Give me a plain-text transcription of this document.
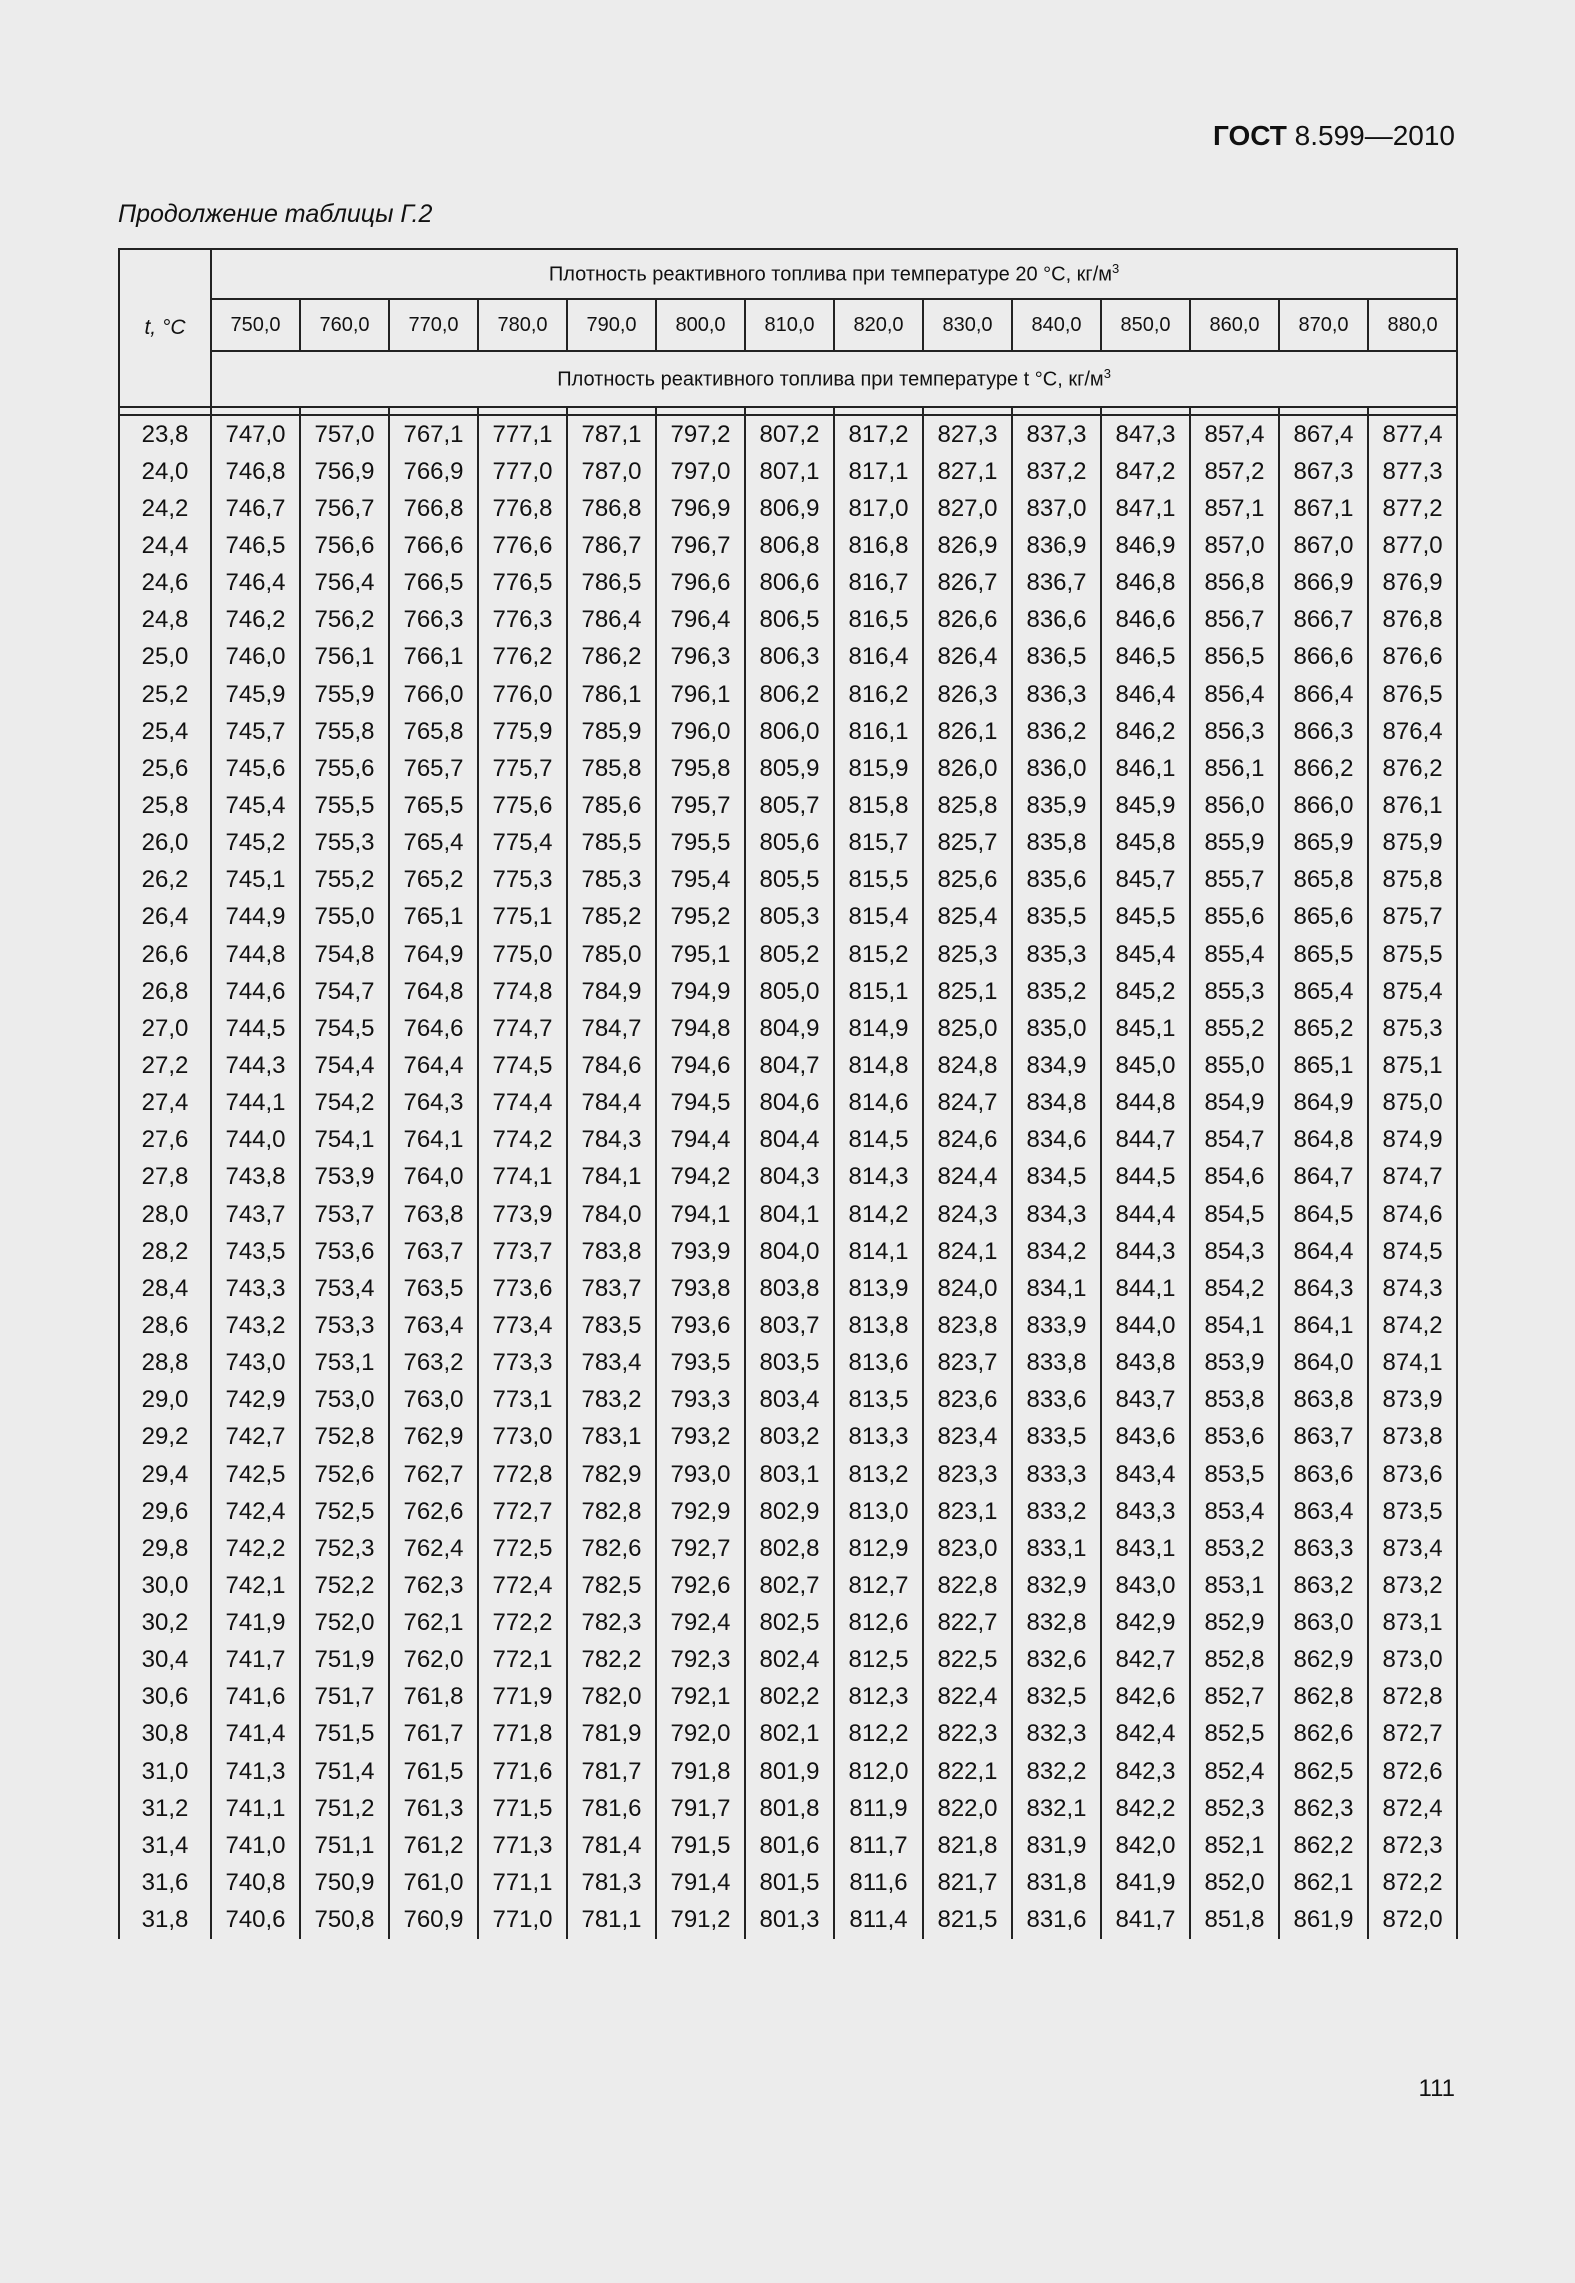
ГОСТ 8.599—2010
Продолжение таблицы Г.2
t, °С	Плотность реактивного топлива при температуре 20 °С, $кг/м^3$
	750,0	760,0	770,0	780,0	790,0	800,0	810,0	820,0	830,0	840,0	850,0	860,0	870,0	880,0
	Плотность реактивного топлива при температуре t °С, $кг/м^3$

23,8	747,0	757,0	767,1	777,1	787,1	797,2	807,2	817,2	827,3	837,3	847,3	857,4	867,4	877,4
24,0	746,8	756,9	766,9	777,0	787,0	797,0	807,1	817,1	827,1	837,2	847,2	857,2	867,3	877,3
24,2	746,7	756,7	766,8	776,8	786,8	796,9	806,9	817,0	827,0	837,0	847,1	857,1	867,1	877,2
24,4	746,5	756,6	766,6	776,6	786,7	796,7	806,8	816,8	826,9	836,9	846,9	857,0	867,0	877,0
24,6	746,4	756,4	766,5	776,5	786,5	796,6	806,6	816,7	826,7	836,7	846,8	856,8	866,9	876,9
24,8	746,2	756,2	766,3	776,3	786,4	796,4	806,5	816,5	826,6	836,6	846,6	856,7	866,7	876,8
25,0	746,0	756,1	766,1	776,2	786,2	796,3	806,3	816,4	826,4	836,5	846,5	856,5	866,6	876,6
25,2	745,9	755,9	766,0	776,0	786,1	796,1	806,2	816,2	826,3	836,3	846,4	856,4	866,4	876,5
25,4	745,7	755,8	765,8	775,9	785,9	796,0	806,0	816,1	826,1	836,2	846,2	856,3	866,3	876,4
25,6	745,6	755,6	765,7	775,7	785,8	795,8	805,9	815,9	826,0	836,0	846,1	856,1	866,2	876,2
25,8	745,4	755,5	765,5	775,6	785,6	795,7	805,7	815,8	825,8	835,9	845,9	856,0	866,0	876,1
26,0	745,2	755,3	765,4	775,4	785,5	795,5	805,6	815,7	825,7	835,8	845,8	855,9	865,9	875,9
26,2	745,1	755,2	765,2	775,3	785,3	795,4	805,5	815,5	825,6	835,6	845,7	855,7	865,8	875,8
26,4	744,9	755,0	765,1	775,1	785,2	795,2	805,3	815,4	825,4	835,5	845,5	855,6	865,6	875,7
26,6	744,8	754,8	764,9	775,0	785,0	795,1	805,2	815,2	825,3	835,3	845,4	855,4	865,5	875,5
26,8	744,6	754,7	764,8	774,8	784,9	794,9	805,0	815,1	825,1	835,2	845,2	855,3	865,4	875,4
27,0	744,5	754,5	764,6	774,7	784,7	794,8	804,9	814,9	825,0	835,0	845,1	855,2	865,2	875,3
27,2	744,3	754,4	764,4	774,5	784,6	794,6	804,7	814,8	824,8	834,9	845,0	855,0	865,1	875,1
27,4	744,1	754,2	764,3	774,4	784,4	794,5	804,6	814,6	824,7	834,8	844,8	854,9	864,9	875,0
27,6	744,0	754,1	764,1	774,2	784,3	794,4	804,4	814,5	824,6	834,6	844,7	854,7	864,8	874,9
27,8	743,8	753,9	764,0	774,1	784,1	794,2	804,3	814,3	824,4	834,5	844,5	854,6	864,7	874,7
28,0	743,7	753,7	763,8	773,9	784,0	794,1	804,1	814,2	824,3	834,3	844,4	854,5	864,5	874,6
28,2	743,5	753,6	763,7	773,7	783,8	793,9	804,0	814,1	824,1	834,2	844,3	854,3	864,4	874,5
28,4	743,3	753,4	763,5	773,6	783,7	793,8	803,8	813,9	824,0	834,1	844,1	854,2	864,3	874,3
28,6	743,2	753,3	763,4	773,4	783,5	793,6	803,7	813,8	823,8	833,9	844,0	854,1	864,1	874,2
28,8	743,0	753,1	763,2	773,3	783,4	793,5	803,5	813,6	823,7	833,8	843,8	853,9	864,0	874,1
29,0	742,9	753,0	763,0	773,1	783,2	793,3	803,4	813,5	823,6	833,6	843,7	853,8	863,8	873,9
29,2	742,7	752,8	762,9	773,0	783,1	793,2	803,2	813,3	823,4	833,5	843,6	853,6	863,7	873,8
29,4	742,5	752,6	762,7	772,8	782,9	793,0	803,1	813,2	823,3	833,3	843,4	853,5	863,6	873,6
29,6	742,4	752,5	762,6	772,7	782,8	792,9	802,9	813,0	823,1	833,2	843,3	853,4	863,4	873,5
29,8	742,2	752,3	762,4	772,5	782,6	792,7	802,8	812,9	823,0	833,1	843,1	853,2	863,3	873,4
30,0	742,1	752,2	762,3	772,4	782,5	792,6	802,7	812,7	822,8	832,9	843,0	853,1	863,2	873,2
30,2	741,9	752,0	762,1	772,2	782,3	792,4	802,5	812,6	822,7	832,8	842,9	852,9	863,0	873,1
30,4	741,7	751,9	762,0	772,1	782,2	792,3	802,4	812,5	822,5	832,6	842,7	852,8	862,9	873,0
30,6	741,6	751,7	761,8	771,9	782,0	792,1	802,2	812,3	822,4	832,5	842,6	852,7	862,8	872,8
30,8	741,4	751,5	761,7	771,8	781,9	792,0	802,1	812,2	822,3	832,3	842,4	852,5	862,6	872,7
31,0	741,3	751,4	761,5	771,6	781,7	791,8	801,9	812,0	822,1	832,2	842,3	852,4	862,5	872,6
31,2	741,1	751,2	761,3	771,5	781,6	791,7	801,8	811,9	822,0	832,1	842,2	852,3	862,3	872,4
31,4	741,0	751,1	761,2	771,3	781,4	791,5	801,6	811,7	821,8	831,9	842,0	852,1	862,2	872,3
31,6	740,8	750,9	761,0	771,1	781,3	791,4	801,5	811,6	821,7	831,8	841,9	852,0	862,1	872,2
31,8	740,6	750,8	760,9	771,0	781,1	791,2	801,3	811,4	821,5	831,6	841,7	851,8	861,9	872,0
111
